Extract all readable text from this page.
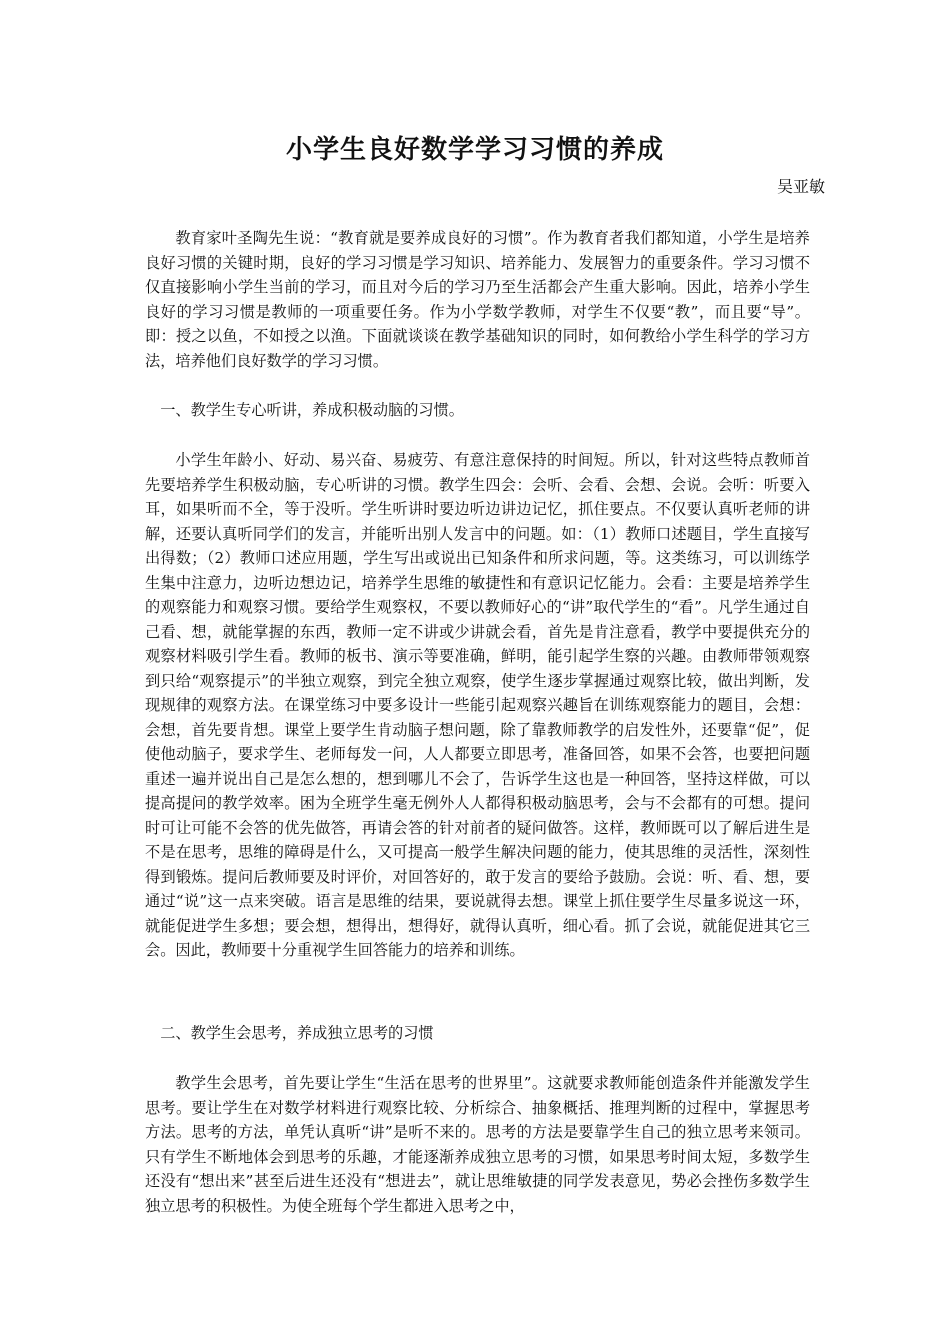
小学生良好数学学习习惯的养成
吴亚敏

教育家叶圣陶先生说：“教育就是要养成良好的习惯”。作为教育者我们都知道，小学生是培养良好习惯的关键时期，良好的学习习惯是学习知识、培养能力、发展智力的重要条件。学习习惯不仅直接影响小学生当前的学习，而且对今后的学习乃至生活都会产生重大影响。因此，培养小学生良好的学习习惯是教师的一项重要任务。作为小学数学教师，对学生不仅要“教”，而且要“导”。即：授之以鱼，不如授之以渔。下面就谈谈在教学基础知识的同时，如何教给小学生科学的学习方法，培养他们良好数学的学习习惯。

一、教学生专心听讲，养成积极动脑的习惯。

小学生年龄小、好动、易兴奋、易疲劳、有意注意保持的时间短。所以，针对这些特点教师首先要培养学生积极动脑，专心听讲的习惯。教学生四会：会听、会看、会想、会说。会听：听要入耳，如果听而不全，等于没听。学生听讲时要边听边讲边记忆，抓住要点。不仅要认真听老师的讲解，还要认真听同学们的发言，并能听出别人发言中的问题。如：（1）教师口述题目，学生直接写出得数；（2）教师口述应用题，学生写出或说出已知条件和所求问题，等。这类练习，可以训练学生集中注意力，边听边想边记，培养学生思维的敏捷性和有意识记忆能力。会看：主要是培养学生的观察能力和观察习惯。要给学生观察权，不要以教师好心的“讲”取代学生的“看”。凡学生通过自己看、想，就能掌握的东西，教师一定不讲或少讲就会看，首先是肯注意看，教学中要提供充分的观察材料吸引学生看。教师的板书、演示等要准确，鲜明，能引起学生察的兴趣。由教师带领观察到只给“观察提示”的半独立观察，到完全独立观察，使学生逐步掌握通过观察比较，做出判断，发现规律的观察方法。在课堂练习中要多设计一些能引起观察兴趣旨在训练观察能力的题目，会想：会想，首先要肯想。课堂上要学生肯动脑子想问题，除了靠教师教学的启发性外，还要靠“促”，促使他动脑子，要求学生、老师每发一问，人人都要立即思考，准备回答，如果不会答，也要把问题重述一遍并说出自己是怎么想的，想到哪儿不会了，告诉学生这也是一种回答，坚持这样做，可以提高提问的教学效率。困为全班学生毫无例外人人都得积极动脑思考，会与不会都有的可想。提问时可让可能不会答的优先做答，再请会答的针对前者的疑问做答。这样，教师既可以了解后进生是不是在思考，思维的障碍是什么，又可提高一般学生解决问题的能力，使其思维的灵活性，深刻性得到锻炼。提问后教师要及时评价，对回答好的，敢于发言的要给予鼓励。会说：听、看、想，要通过“说”这一点来突破。语言是思维的结果，要说就得去想。课堂上抓住要学生尽量多说这一环，就能促进学生多想；要会想，想得出，想得好，就得认真听，细心看。抓了会说，就能促进其它三会。因此，教师要十分重视学生回答能力的培养和训练。

二、教学生会思考，养成独立思考的习惯

教学生会思考，首先要让学生“生活在思考的世界里”。这就要求教师能创造条件并能激发学生思考。要让学生在对数学材料进行观察比较、分析综合、抽象概括、推理判断的过程中，掌握思考方法。思考的方法，单凭认真听“讲”是听不来的。思考的方法是要靠学生自己的独立思考来领司。只有学生不断地体会到思考的乐趣，才能逐渐养成独立思考的习惯，如果思考时间太短，多数学生还没有“想出来”甚至后进生还没有“想进去”，就让思维敏捷的同学发表意见，势必会挫伤多数学生独立思考的积极性。为使全班每个学生都进入思考之中，
